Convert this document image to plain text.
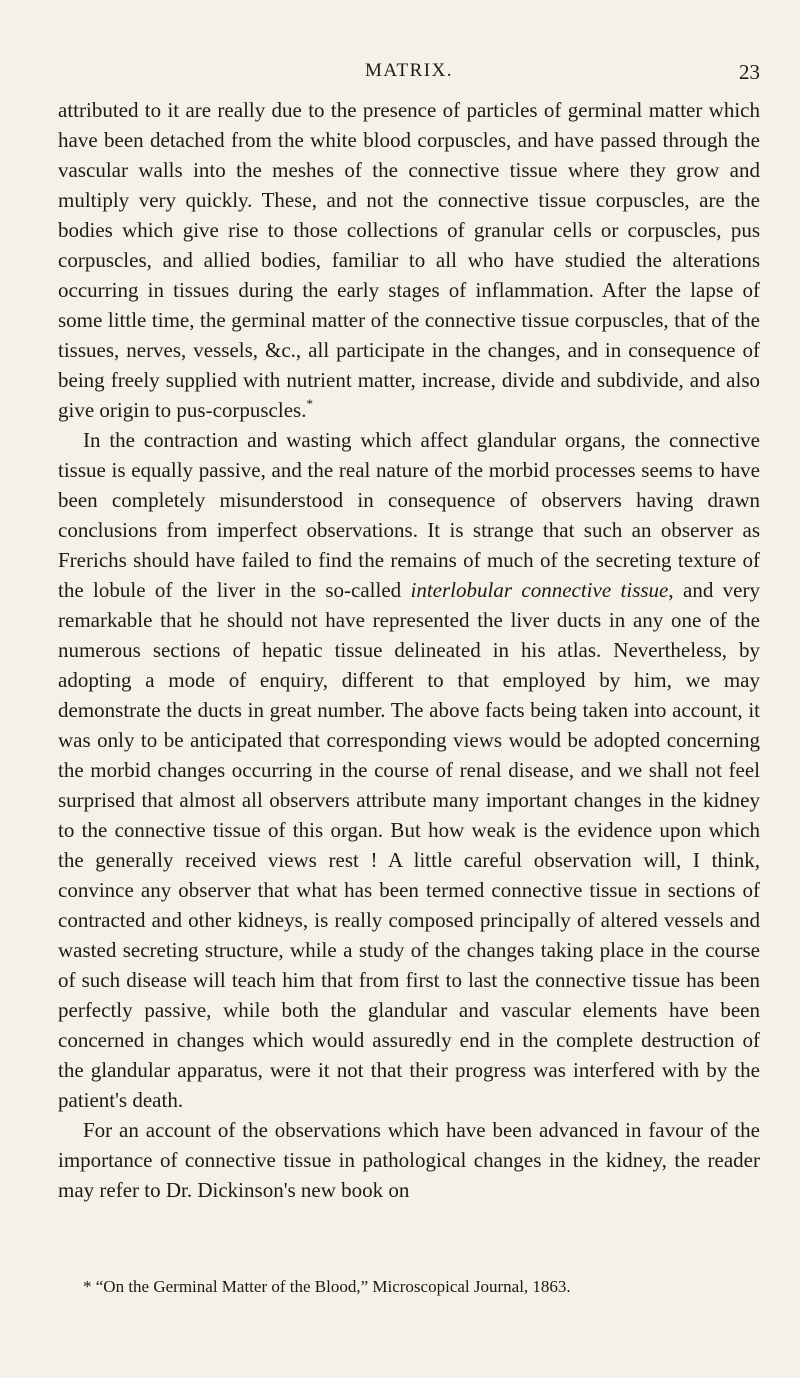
MATRIX.	23

attributed to it are really due to the presence of particles of germinal matter which have been detached from the white blood corpuscles, and have passed through the vascular walls into the meshes of the connective tissue where they grow and multiply very quickly. These, and not the connective tissue corpuscles, are the bodies which give rise to those collections of granular cells or corpuscles, pus corpuscles, and allied bodies, familiar to all who have studied the alterations occurring in tissues during the early stages of inflammation. After the lapse of some little time, the germinal matter of the connective tissue corpuscles, that of the tissues, nerves, vessels, &c., all participate in the changes, and in consequence of being freely supplied with nutrient matter, increase, divide and subdivide, and also give origin to pus-corpuscles.*

In the contraction and wasting which affect glandular organs, the connective tissue is equally passive, and the real nature of the morbid processes seems to have been completely misunderstood in consequence of observers having drawn conclusions from imperfect observations. It is strange that such an observer as Frerichs should have failed to find the remains of much of the secreting texture of the lobule of the liver in the so-called interlobular connective tissue, and very remarkable that he should not have represented the liver ducts in any one of the numerous sections of hepatic tissue delineated in his atlas. Nevertheless, by adopting a mode of enquiry, different to that employed by him, we may demonstrate the ducts in great number. The above facts being taken into account, it was only to be anticipated that corresponding views would be adopted concerning the morbid changes occurring in the course of renal disease, and we shall not feel surprised that almost all observers attribute many important changes in the kidney to the connective tissue of this organ. But how weak is the evidence upon which the generally received views rest ! A little careful observation will, I think, convince any observer that what has been termed connective tissue in sections of contracted and other kidneys, is really composed principally of altered vessels and wasted secreting structure, while a study of the changes taking place in the course of such disease will teach him that from first to last the connective tissue has been perfectly passive, while both the glandular and vascular elements have been concerned in changes which would assuredly end in the complete destruction of the glandular apparatus, were it not that their progress was interfered with by the patient's death.

For an account of the observations which have been advanced in favour of the importance of connective tissue in pathological changes in the kidney, the reader may refer to Dr. Dickinson's new book on

* “On the Germinal Matter of the Blood,” Microscopical Journal, 1863.
